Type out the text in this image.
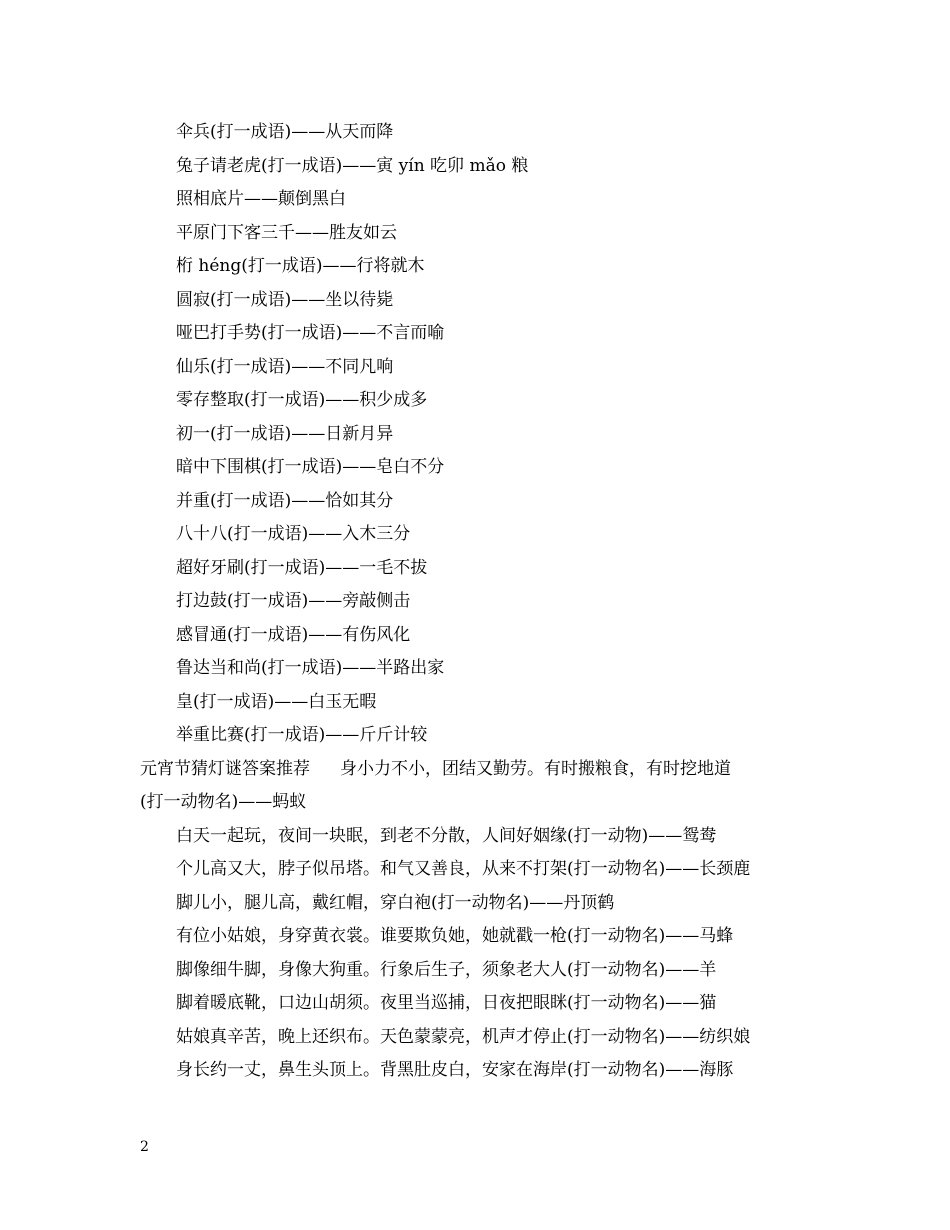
伞兵(打一成语)——从天而降
兔子请老虎(打一成语)——寅 yín 吃卯 mǎo 粮
照相底片——颠倒黑白
平原门下客三千——胜友如云
桁 héng(打一成语)——行将就木
圆寂(打一成语)——坐以待毙
哑巴打手势(打一成语)——不言而喻
仙乐(打一成语)——不同凡响
零存整取(打一成语)——积少成多
初一(打一成语)——日新月异
暗中下围棋(打一成语)——皂白不分
并重(打一成语)——恰如其分
八十八(打一成语)——入木三分
超好牙刷(打一成语)——一毛不拔
打边鼓(打一成语)——旁敲侧击
感冒通(打一成语)——有伤风化
鲁达当和尚(打一成语)——半路出家
皇(打一成语)——白玉无暇
举重比赛(打一成语)——斤斤计较
元宵节猜灯谜答案推荐 身小力不小，团结又勤劳。有时搬粮食，有时挖地道
(打一动物名)——蚂蚁
白天一起玩，夜间一块眠，到老不分散，人间好姻缘(打一动物)——鸳鸯
个儿高又大，脖子似吊塔。和气又善良，从来不打架(打一动物名)——长颈鹿
脚儿小，腿儿高，戴红帽，穿白袍(打一动物名)——丹顶鹤
有位小姑娘，身穿黄衣裳。谁要欺负她，她就戳一枪(打一动物名)——马蜂
脚像细牛脚，身像大狗重。行象后生子，须象老大人(打一动物名)——羊
脚着暖底靴，口边山胡须。夜里当巡捕，日夜把眼眯(打一动物名)——猫
姑娘真辛苦，晚上还织布。天色蒙蒙亮，机声才停止(打一动物名)——纺织娘
身长约一丈，鼻生头顶上。背黑肚皮白，安家在海岸(打一动物名)——海豚
2
